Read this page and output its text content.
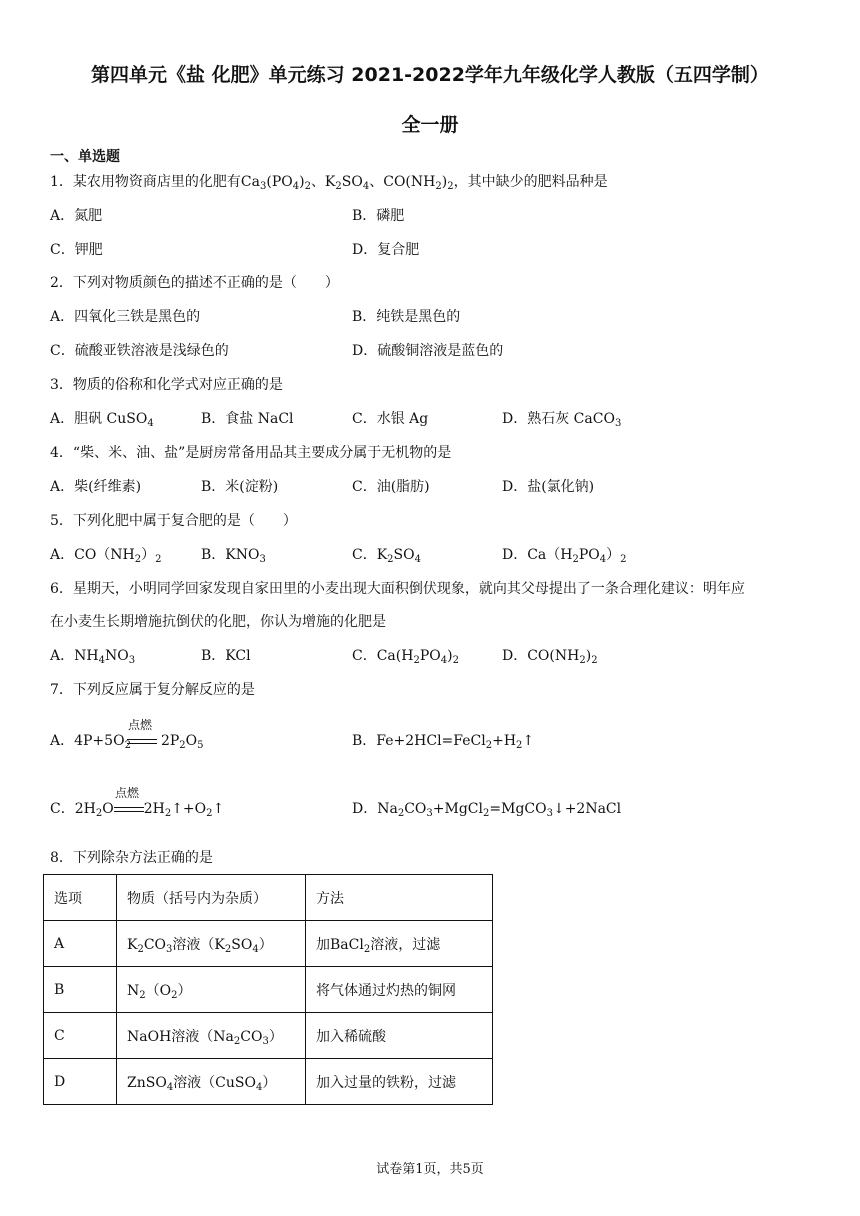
第四单元《盐 化肥》单元练习 2021-2022学年九年级化学人教版（五四学制）
全一册
一、单选题
1．某农用物资商店里的化肥有$Ca_3(PO_4)_2$、$K_2SO_4$、$CO(NH_2)_2$，其中缺少的肥料品种是
A．氮肥	B．磷肥
C．钾肥	D．复合肥
2．下列对物质颜色的描述不正确的是（　　）
A．四氧化三铁是黑色的	B．纯铁是黑色的
C．硫酸亚铁溶液是浅绿色的	D．硫酸铜溶液是蓝色的
3．物质的俗称和化学式对应正确的是
A．胆矾 CuSO$_4$	B．食盐 NaCl	C．水银 Ag	D．熟石灰 CaCO$_3$
4．“柴、米、油、盐”是厨房常备用品其主要成分属于无机物的是
A．柴(纤维素)	B．米(淀粉)	C．油(脂肪)	D．盐(氯化钠)
5．下列化肥中属于复合肥的是（　　）
A．$CO(NH_2)_2$	B．$KNO_3$	C．$K_2SO_4$	D．$Ca(H_2PO_4)_2$
6．星期天，小明同学回家发现自家田里的小麦出现大面积倒伏现象，就向其父母提出了一条合理化建议：明年应
在小麦生长期增施抗倒伏的化肥，你认为增施的化肥是
A．$NH_4NO_3$	B．KCl	C．$Ca(H_2PO_4)_2$	D．$CO(NH_2)_2$
7．下列反应属于复分解反应的是
A．$4P+5O_2$ $2P_2O_5$
点燃
B．$Fe+2HCl=FeCl_2+H_2↑$
C．$2H_2O$ $2H_2↑+O_2↑$
点燃
D．$Na_2CO_3+MgCl_2=MgCO_3↓+2NaCl$
8．下列除杂方法正确的是
选项	物质（括号内为杂质）	方法
A	$K_2CO_3$溶液$(K_2SO_4)$	加BaCl$_2$溶液，过滤
B	$N_2(O_2)$	将气体通过灼热的铜网
C	NaOH溶液$(Na_2CO_3)$	加入稀硫酸
D	ZnSO$_4$溶液（CuSO$_4$）	加入过量的铁粉，过滤
试卷第1页，共5页
